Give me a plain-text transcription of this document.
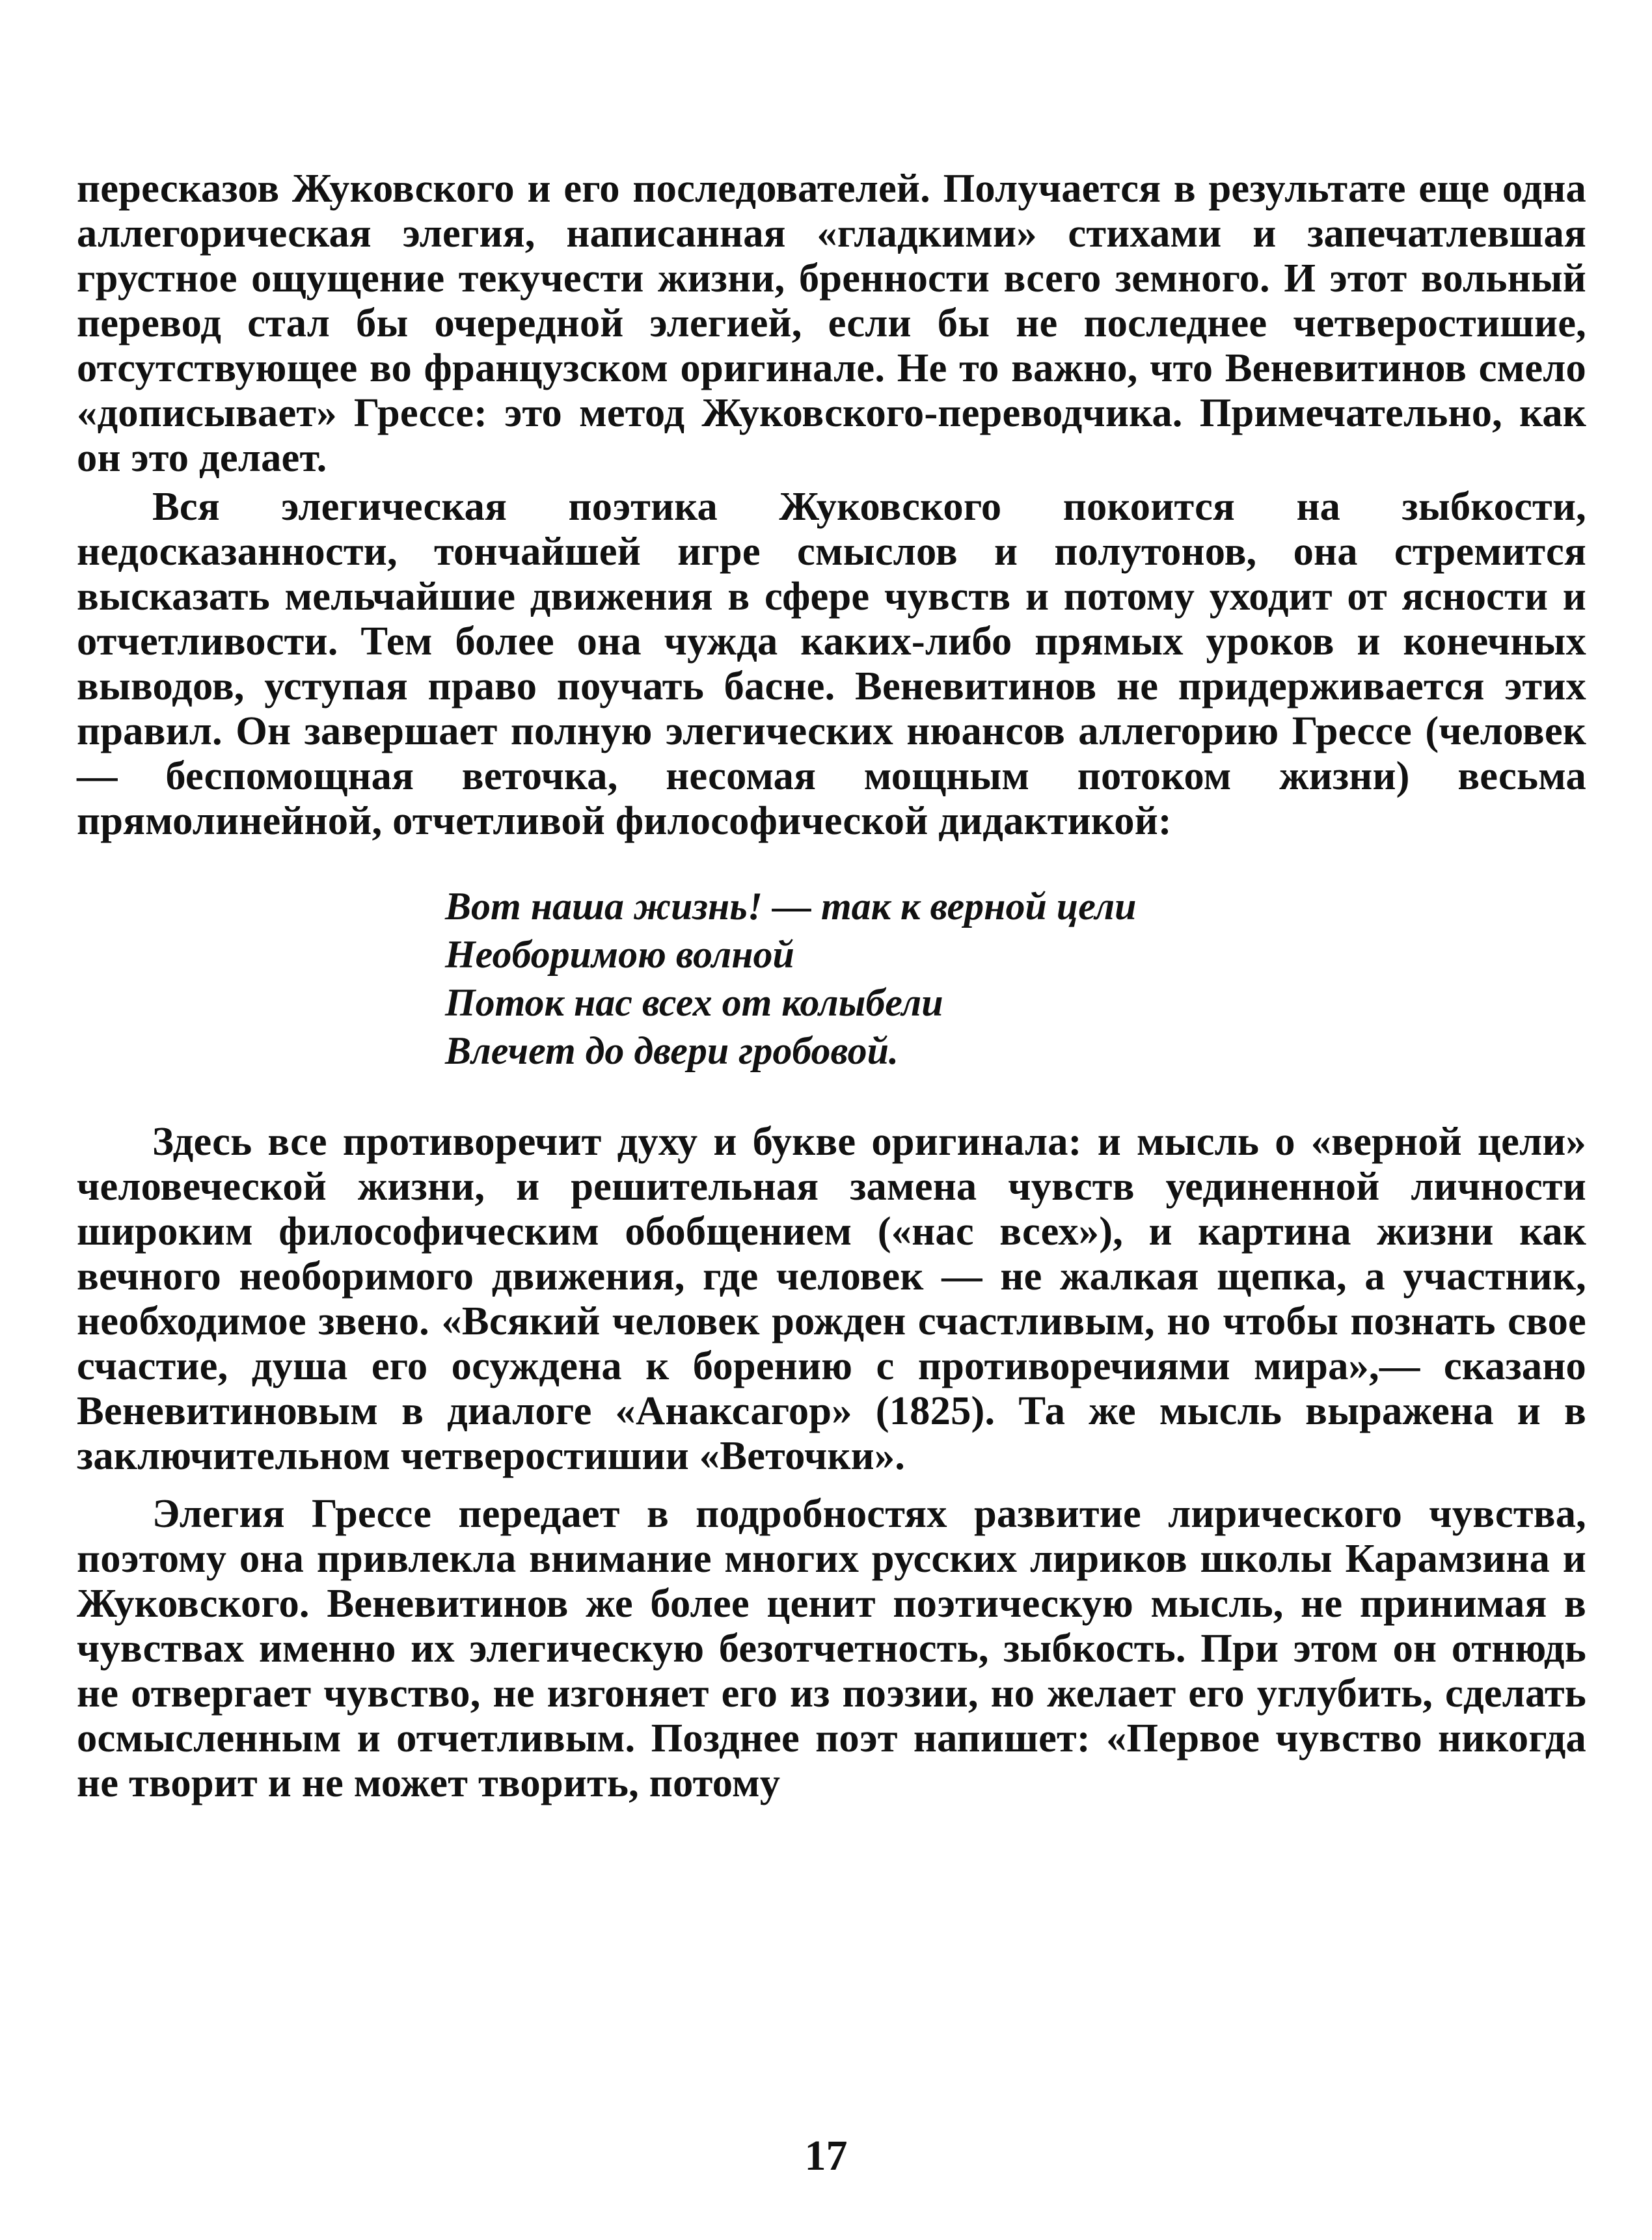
пересказов Жуковского и его последователей. Получается в результате еще одна аллегорическая элегия, написанная «гладкими» стихами и запечатлевшая грустное ощущение текучести жизни, бренности всего земного. И этот вольный перевод стал бы очередной элегией, если бы не последнее четверостишие, отсутствующее во французском оригинале. Не то важно, что Веневитинов смело «дописывает» Грессе: это метод Жуковского-переводчика. Примечательно, как он это делает.

Вся элегическая поэтика Жуковского покоится на зыбкости, недосказанности, тончайшей игре смыслов и полутонов, она стремится высказать мельчайшие движения в сфере чувств и потому уходит от ясности и отчетливости. Тем более она чужда каких-либо прямых уроков и конечных выводов, уступая право поучать басне. Веневитинов не придерживается этих правил. Он завершает полную элегических нюансов аллегорию Грессе (человек — беспомощная веточка, несомая мощным потоком жизни) весьма прямолинейной, отчетливой философической дидактикой:

Вот наша жизнь! — так к верной цели
Необоримою волной
Поток нас всех от колыбели
Влечет до двери гробовой.

Здесь все противоречит духу и букве оригинала: и мысль о «верной цели» человеческой жизни, и решительная замена чувств уединенной личности широким философическим обобщением («нас всех»), и картина жизни как вечного необоримого движения, где человек — не жалкая щепка, а участник, необходимое звено. «Всякий человек рожден счастливым, но чтобы познать свое счастие, душа его осуждена к борению с противоречиями мира»,— сказано Веневитиновым в диалоге «Анаксагор» (1825). Та же мысль выражена и в заключительном четверостишии «Веточки».

Элегия Грессе передает в подробностях развитие лирического чувства, поэтому она привлекла внимание многих русских лириков школы Карамзина и Жуковского. Веневитинов же более ценит поэтическую мысль, не принимая в чувствах именно их элегическую безотчетность, зыбкость. При этом он отнюдь не отвергает чувство, не изгоняет его из поэзии, но желает его углубить, сделать осмысленным и отчетливым. Позднее поэт напишет: «Первое чувство никогда не творит и не может творить, потому

17
